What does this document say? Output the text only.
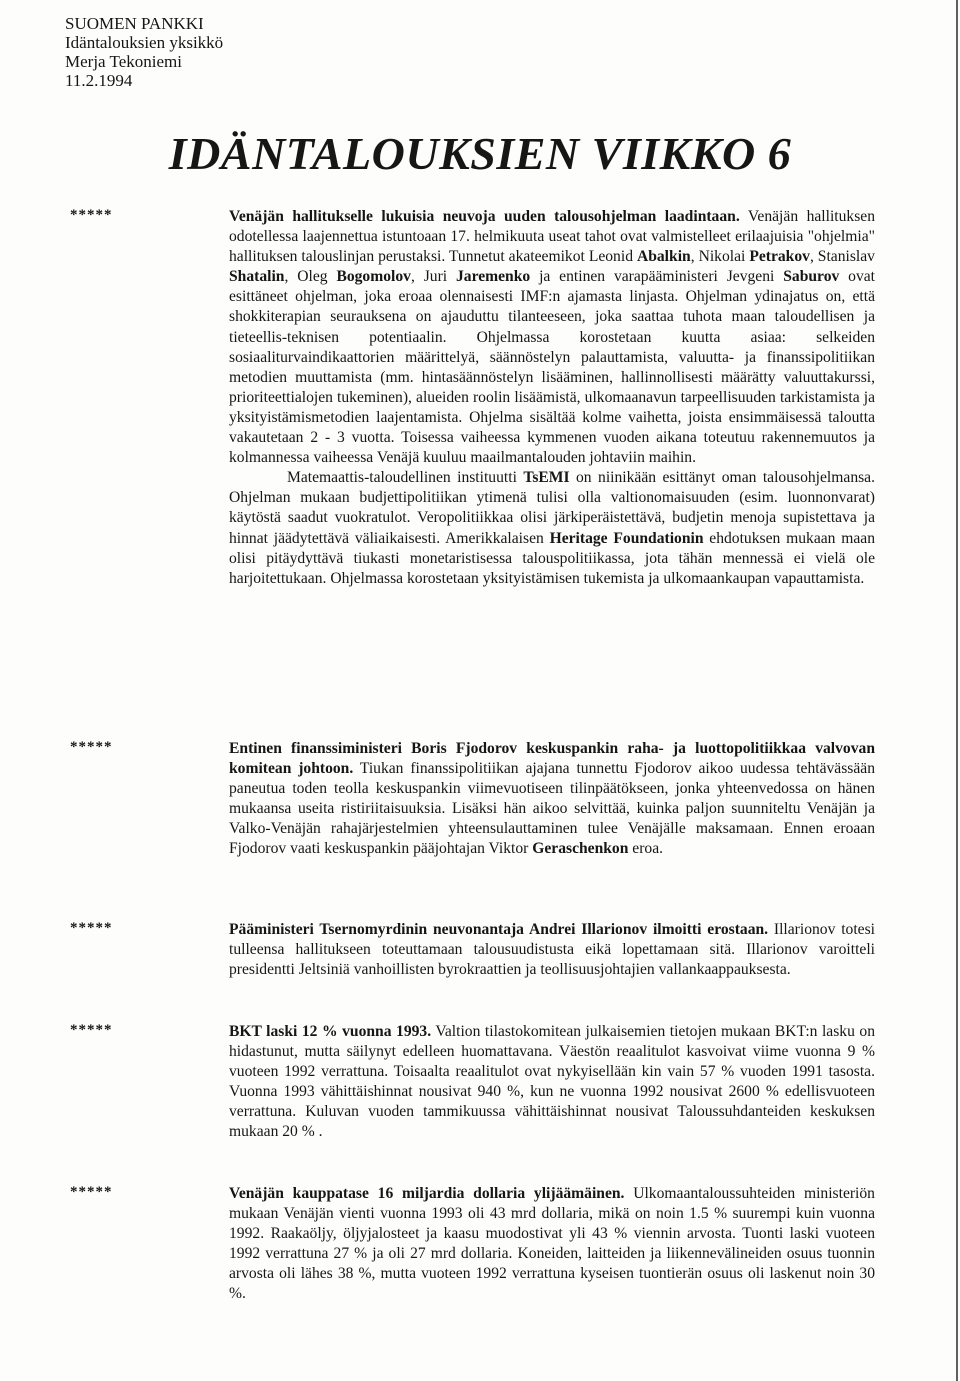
SUOMEN PANKKI
Idäntalouksien yksikkö
Merja Tekoniemi
11.2.1994
IDÄNTALOUKSIEN VIIKKO 6
*****	Venäjän hallitukselle lukuisia neuvoja uuden talousohjelman laadintaan. Venäjän hallituksen odotellessa laajennettua istuntoaan 17. helmikuuta useat tahot ovat valmistelleet erilaajuisia "ohjelmia" hallituksen talouslinjan perustaksi. Tunnetut akateemikot Leonid Abalkin, Nikolai Petrakov, Stanislav Shatalin, Oleg Bogomolov, Juri Jaremenko ja entinen varapääministeri Jevgeni Saburov ovat esittäneet ohjelman, joka eroaa olennaisesti IMF:n ajamasta linjasta. Ohjelman ydinajatus on, että shokkiterapian seurauksena on ajauduttu tilanteeseen, joka saattaa tuhota maan taloudellisen ja tieteellis-teknisen potentiaalin. Ohjelmassa korostetaan kuutta asiaa: selkeiden sosiaaliturvaindikaattorien määrittelyä, säännöstelyn palauttamista, valuutta- ja finanssipolitiikan metodien muuttamista (mm. hintasäännöstelyn lisääminen, hallinnollisesti määrätty valuuttakurssi, prioriteettialojen tukeminen), alueiden roolin lisäämistä, ulkomaanavun tarpeellisuuden tarkistamista ja yksityistämismetodien laajentamista. Ohjelma sisältää kolme vaihetta, joista ensimmäisessä taloutta vakautetaan 2 - 3 vuotta. Toisessa vaiheessa kymmenen vuoden aikana toteutuu rakennemuutos ja kolmannessa vaiheessa Venäjä kuuluu maailmantalouden johtaviin maihin.

Matemaattis-taloudellinen instituutti TsEMI on niinikään esittänyt oman talousohjelmansa. Ohjelman mukaan budjettipolitiikan ytimenä tulisi olla valtionomaisuuden (esim. luonnonvarat) käytöstä saadut vuokratulot. Veropolitiikkaa olisi järkiperäistettävä, budjetin menoja supistettava ja hinnat jäädytettävä väliaikaisesti. Amerikkalaisen Heritage Foundationin ehdotuksen mukaan maan olisi pitäydyttävä tiukasti monetaristisessa talouspolitiikassa, jota tähän mennessä ei vielä ole harjoitettukaan. Ohjelmassa korostetaan yksityistämisen tukemista ja ulkomaankaupan vapauttamista.

*****	Entinen finanssiministeri Boris Fjodorov keskuspankin raha- ja luottopolitiikkaa valvovan komitean johtoon. Tiukan finanssipolitiikan ajajana tunnettu Fjodorov aikoo uudessa tehtävässään paneutua toden teolla keskuspankin viimevuotiseen tilinpäätökseen, jonka yhteenvedossa on hänen mukaansa useita ristiriitaisuuksia. Lisäksi hän aikoo selvittää, kuinka paljon suunniteltu Venäjän ja Valko-Venäjän rahajärjestelmien yhteensulauttaminen tulee Venäjälle maksamaan. Ennen eroaan Fjodorov vaati keskuspankin pääjohtajan Viktor Geraschenkon eroa.

*****	Pääministeri Tsernomyrdinin neuvonantaja Andrei Illarionov ilmoitti erostaan. Illarionov totesi tulleensa hallitukseen toteuttamaan talousuudistusta eikä lopettamaan sitä. Illarionov varoitteli presidentti Jeltsiniä vanhoillisten byrokraattien ja teollisuusjohtajien vallankaappauksesta.

*****	BKT laski 12 % vuonna 1993. Valtion tilastokomitean julkaisemien tietojen mukaan BKT:n lasku on hidastunut, mutta säilynyt edelleen huomattavana. Väestön reaalitulot kasvoivat viime vuonna 9 % vuoteen 1992 verrattuna. Toisaalta reaalitulot ovat nykyisellään kin vain 57 % vuoden 1991 tasosta. Vuonna 1993 vähittäishinnat nousivat 940 %, kun ne vuonna 1992 nousivat 2600 % edellisvuoteen verrattuna. Kuluvan vuoden tammikuussa vähittäishinnat nousivat Taloussuhdanteiden keskuksen mukaan 20 % .

*****	Venäjän kauppatase 16 miljardia dollaria ylijäämäinen. Ulkomaantaloussuhteiden ministeriön mukaan Venäjän vienti vuonna 1993 oli 43 mrd dollaria, mikä on noin 1.5 % suurempi kuin vuonna 1992. Raakaöljy, öljyjalosteet ja kaasu muodostivat yli 43 % viennin arvosta. Tuonti laski vuoteen 1992 verrattuna 27 % ja oli 27 mrd dollaria. Koneiden, laitteiden ja liikennevälineiden osuus tuonnin arvosta oli lähes 38 %, mutta vuoteen 1992 verrattuna kyseisen tuontierän osuus oli laskenut noin 30 %.
